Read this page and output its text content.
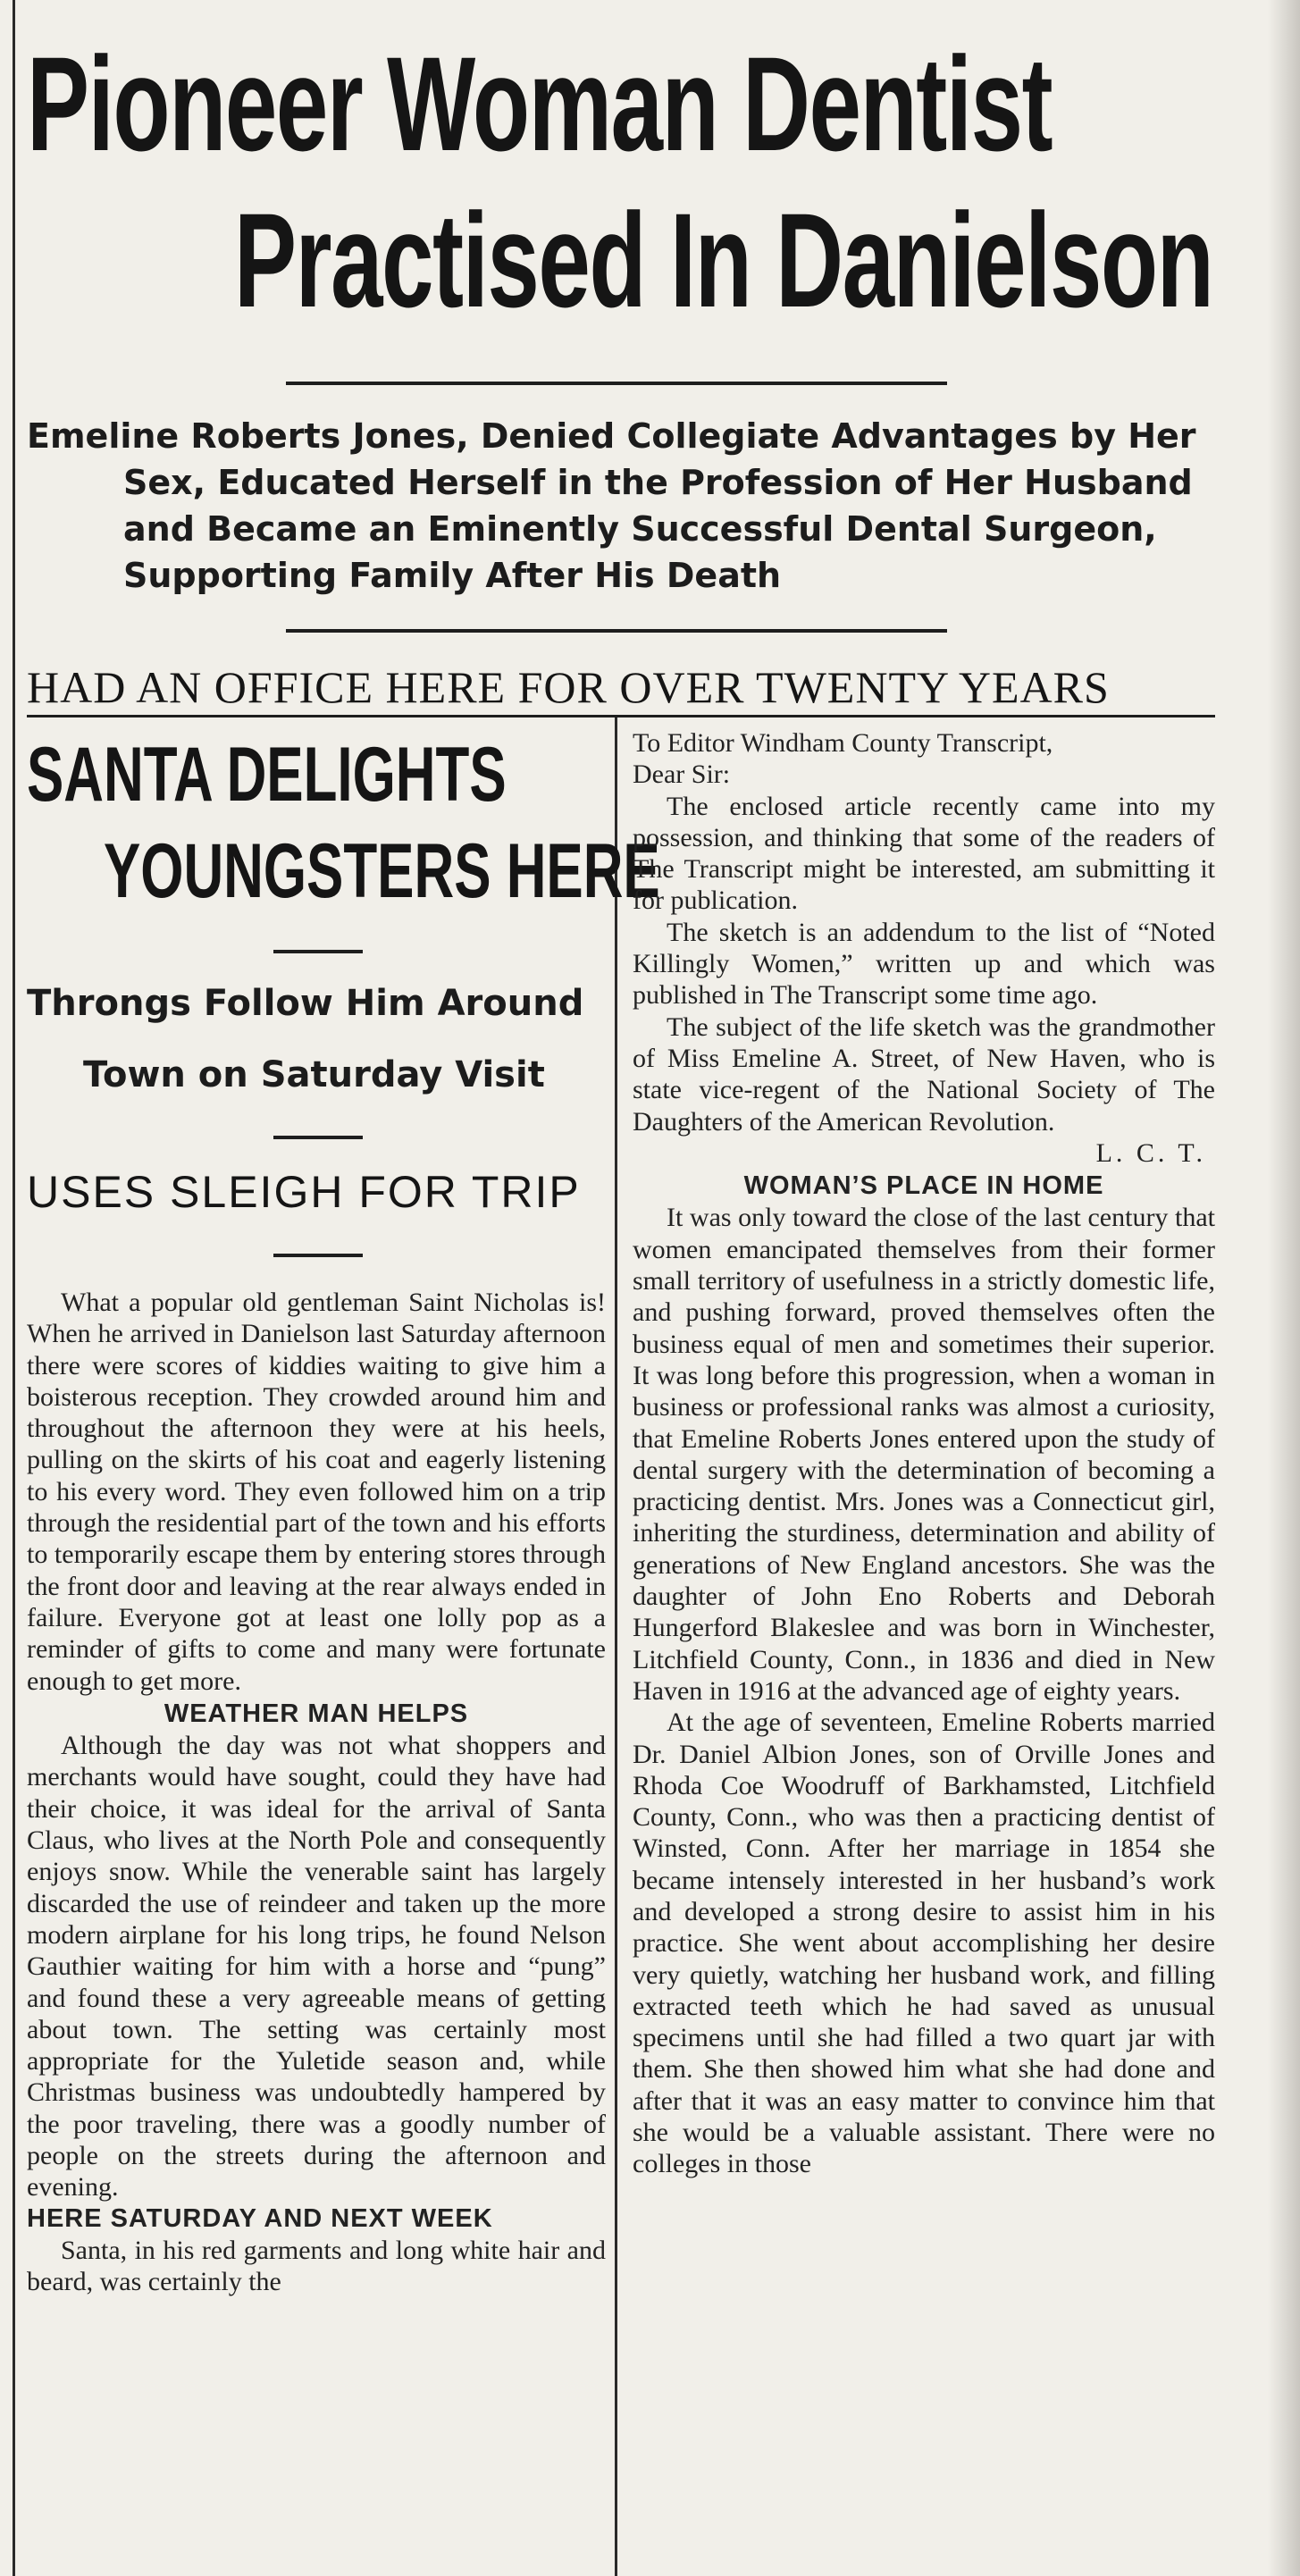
Pioneer Woman Dentist
Practised In Danielson
Emeline Roberts Jones, Denied Collegiate Advantages by Her
Sex, Educated Herself in the Profession of Her Husband
and Became an Eminently Successful Dental Surgeon,
Supporting Family After His Death
HAD AN OFFICE HERE FOR OVER TWENTY YEARS
SANTA DELIGHTS
YOUNGSTERS HERE
Throngs Follow Him Around
Town on Saturday Visit
USES SLEIGH FOR TRIP

What a popular old gentleman Saint Nicholas is! When he arrived in Danielson last Saturday afternoon there were scores of kiddies waiting to give him a boisterous reception. They crowded around him and throughout the afternoon they were at his heels, pulling on the skirts of his coat and eagerly listening to his every word. They even followed him on a trip through the residential part of the town and his efforts to temporarily escape them by entering stores through the front door and leaving at the rear always ended in failure. Everyone got at least one lolly pop as a reminder of gifts to come and many were fortunate enough to get more.

WEATHER MAN HELPS

Although the day was not what shoppers and merchants would have sought, could they have had their choice, it was ideal for the arrival of Santa Claus, who lives at the North Pole and consequently enjoys snow. While the venerable saint has largely discarded the use of reindeer and taken up the more modern airplane for his long trips, he found Nelson Gauthier waiting for him with a horse and “pung” and found these a very agreeable means of getting about town. The setting was certainly most appropriate for the Yuletide season and, while Christmas business was undoubtedly hampered by the poor traveling, there was a goodly number of people on the streets during the afternoon and evening.

HERE SATURDAY AND NEXT WEEK

Santa, in his red garments and long white hair and beard, was certainly the

To Editor Windham County Transcript,

Dear Sir:

The enclosed article recently came into my possession, and thinking that some of the readers of The Transcript might be interested, am submitting it for publication.

The sketch is an addendum to the list of “Noted Killingly Women,” written up and which was published in The Transcript some time ago.

The subject of the life sketch was the grandmother of Miss Emeline A. Street, of New Haven, who is state vice-regent of the National Society of The Daughters of the American Revolution.

L. C. T.

WOMAN’S PLACE IN HOME

It was only toward the close of the last century that women emancipated themselves from their former small territory of usefulness in a strictly domestic life, and pushing forward, proved themselves often the business equal of men and sometimes their superior. It was long before this progression, when a woman in business or professional ranks was almost a curiosity, that Emeline Roberts Jones entered upon the study of dental surgery with the determination of becoming a practicing dentist. Mrs. Jones was a Connecticut girl, inheriting the sturdiness, determination and ability of generations of New England ancestors. She was the daughter of John Eno Roberts and Deborah Hungerford Blakeslee and was born in Winchester, Litchfield County, Conn., in 1836 and died in New Haven in 1916 at the advanced age of eighty years.

At the age of seventeen, Emeline Roberts married Dr. Daniel Albion Jones, son of Orville Jones and Rhoda Coe Woodruff of Barkhamsted, Litchfield County, Conn., who was then a practicing dentist of Winsted, Conn. After her marriage in 1854 she became intensely interested in her husband’s work and developed a strong desire to assist him in his practice. She went about accomplishing her desire very quietly, watching her husband work, and filling extracted teeth which he had saved as unusual specimens until she had filled a two quart jar with them. She then showed him what she had done and after that it was an easy matter to convince him that she would be a valuable assistant. There were no colleges in those
